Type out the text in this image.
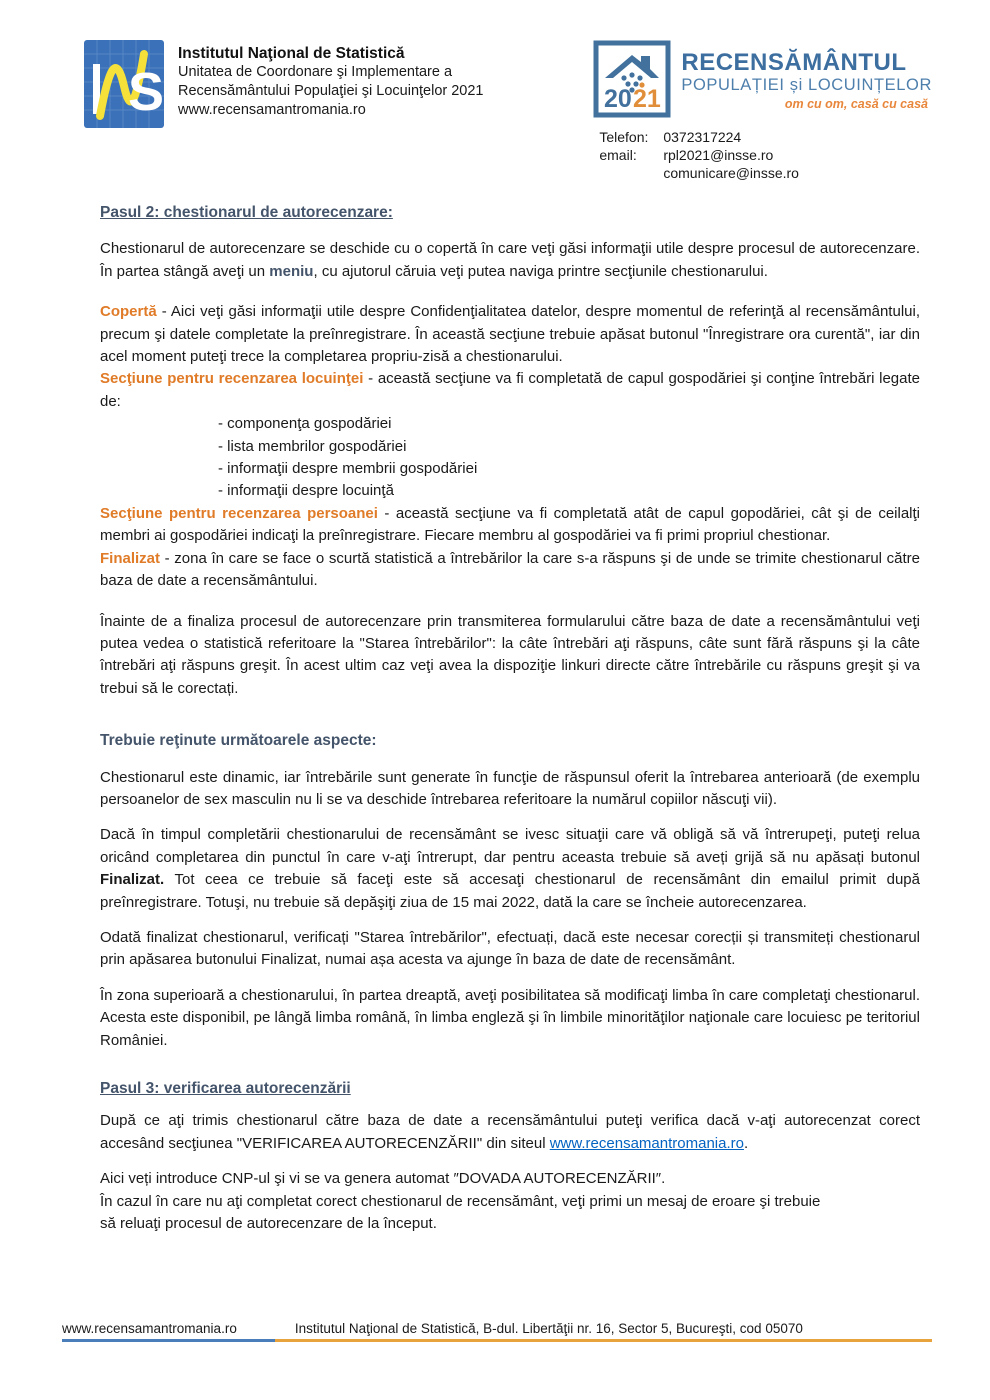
S
Institutul Naţional de Statistică
Unitatea de Coordonare şi Implementare a
Recensământului Populaţiei şi Locuinţelor 2021
www.recensamantromania.ro	20 21
RECENSĂMÂNTUL
POPULAȚIEI și LOCUINȚELOR
om cu om, casă cu casă
Telefon:	0372317224
email:	rpl2021@insse.ro
comunicare@insse.ro
Pasul 2: chestionarul de autorecenzare:

Chestionarul de autorecenzare se deschide cu o copertă în care veţi găsi informaţii utile despre procesul de autorecenzare. În partea stângă aveţi un meniu, cu ajutorul căruia veţi putea naviga printre secţiunile chestionarului.

Copertă - Aici veţi găsi informaţii utile despre Confidenţialitatea datelor, despre momentul de referinţă al recensământului, precum şi datele completate la preînregistrare. În această secţiune trebuie apăsat butonul "Înregistrare ora curentă", iar din acel moment puteţi trece la completarea propriu-zisă a chestionarului.

Secţiune pentru recenzarea locuinţei - această secţiune va fi completată de capul gospodăriei şi conţine întrebări legate de:

- componenţa gospodăriei
- lista membrilor gospodăriei
- informaţii despre membrii gospodăriei
- informaţii despre locuinţă

Secţiune pentru recenzarea persoanei - această secţiune va fi completată atât de capul gopodăriei, cât şi de ceilalţi membri ai gospodăriei indicaţi la preînregistrare. Fiecare membru al gospodăriei va fi primi propriul chestionar.

Finalizat - zona în care se face o scurtă statistică a întrebărilor la care s-a răspuns şi de unde se trimite chestionarul către baza de date a recensământului.

Înainte de a finaliza procesul de autorecenzare prin transmiterea formularului către baza de date a recensământului veţi putea vedea o statistică referitoare la "Starea întrebărilor": la câte întrebări aţi răspuns, câte sunt fără răspuns şi la câte întrebări aţi răspuns greşit. În acest ultim caz veţi avea la dispoziţie linkuri directe către întrebările cu răspuns greşit şi va trebui să le corectați.

Trebuie reţinute următoarele aspecte:

Chestionarul este dinamic, iar întrebările sunt generate în funcţie de răspunsul oferit la întrebarea anterioară (de exemplu persoanelor de sex masculin nu li se va deschide întrebarea referitoare la numărul copiilor născuţi vii).

Dacă în timpul completării chestionarului de recensământ se ivesc situaţii care vă obligă să vă întrerupeţi, puteţi relua oricând completarea din punctul în care v-aţi întrerupt, dar pentru aceasta trebuie să aveți grijă să nu apăsați butonul Finalizat. Tot ceea ce trebuie să faceţi este să accesaţi chestionarul de recensământ din emailul primit după preînregistrare. Totuşi, nu trebuie să depăşiţi ziua de 15 mai 2022, dată la care se încheie autorecenzarea.

Odată finalizat chestionarul, verificați "Starea întrebărilor", efectuați, dacă este necesar corecții și transmiteți chestionarul prin apăsarea butonului Finalizat, numai așa acesta va ajunge în baza de date de recensământ.

În zona superioară a chestionarului, în partea dreaptă, aveţi posibilitatea să modificaţi limba în care completaţi chestionarul. Acesta este disponibil, pe lângă limba română, în limba engleză şi în limbile minorităţilor naţionale care locuiesc pe teritoriul României.

Pasul 3: verificarea autorecenzării

După ce aţi trimis chestionarul către baza de date a recensământului puteţi verifica dacă v-aţi autorecenzat corect accesând secţiunea "VERIFICAREA AUTORECENZĂRII" din siteul www.recensamantromania.ro.

Aici veți introduce CNP-ul şi vi se va genera automat ″DOVADA AUTORECENZĂRII″.

În cazul în care nu aţi completat corect chestionarul de recensământ, veţi primi un mesaj de eroare şi trebuie

să reluaţi procesul de autorecenzare de la început.

www.recensamantromania.ro	Institutul Naţional de Statistică, B-dul. Libertăţii nr. 16, Sector 5, Bucureşti, cod 05070
